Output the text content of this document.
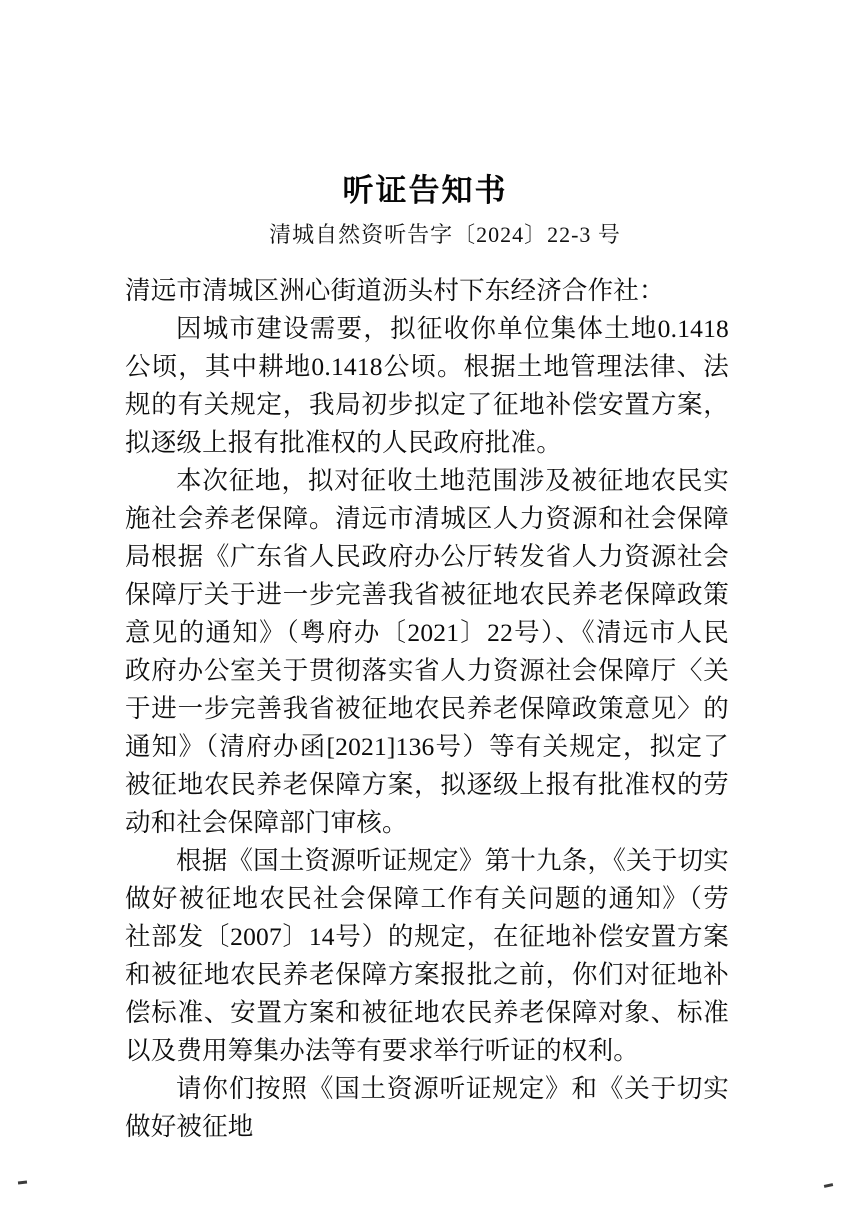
听证告知书
清城自然资听告字〔2024〕22-3 号

清远市清城区洲心街道沥头村下东经济合作社：

因城市建设需要，拟征收你单位集体土地0.1418公顷，其中耕地0.1418公顷。根据土地管理法律、法规的有关规定，我局初步拟定了征地补偿安置方案，拟逐级上报有批准权的人民政府批准。

本次征地，拟对征收土地范围涉及被征地农民实施社会养老保障。清远市清城区人力资源和社会保障局根据《广东省人民政府办公厅转发省人力资源社会保障厅关于进一步完善我省被征地农民养老保障政策意见的通知》（粤府办〔2021〕22号）、《清远市人民政府办公室关于贯彻落实省人力资源社会保障厅〈关于进一步完善我省被征地农民养老保障政策意见〉的通知》（清府办函[2021]136号）等有关规定，拟定了被征地农民养老保障方案，拟逐级上报有批准权的劳动和社会保障部门审核。

根据《国土资源听证规定》第十九条，《关于切实做好被征地农民社会保障工作有关问题的通知》（劳社部发〔2007〕14号）的规定，在征地补偿安置方案和被征地农民养老保障方案报批之前，你们对征地补偿标准、安置方案和被征地农民养老保障对象、标准以及费用筹集办法等有要求举行听证的权利。

请你们按照《国土资源听证规定》和《关于切实做好被征地
